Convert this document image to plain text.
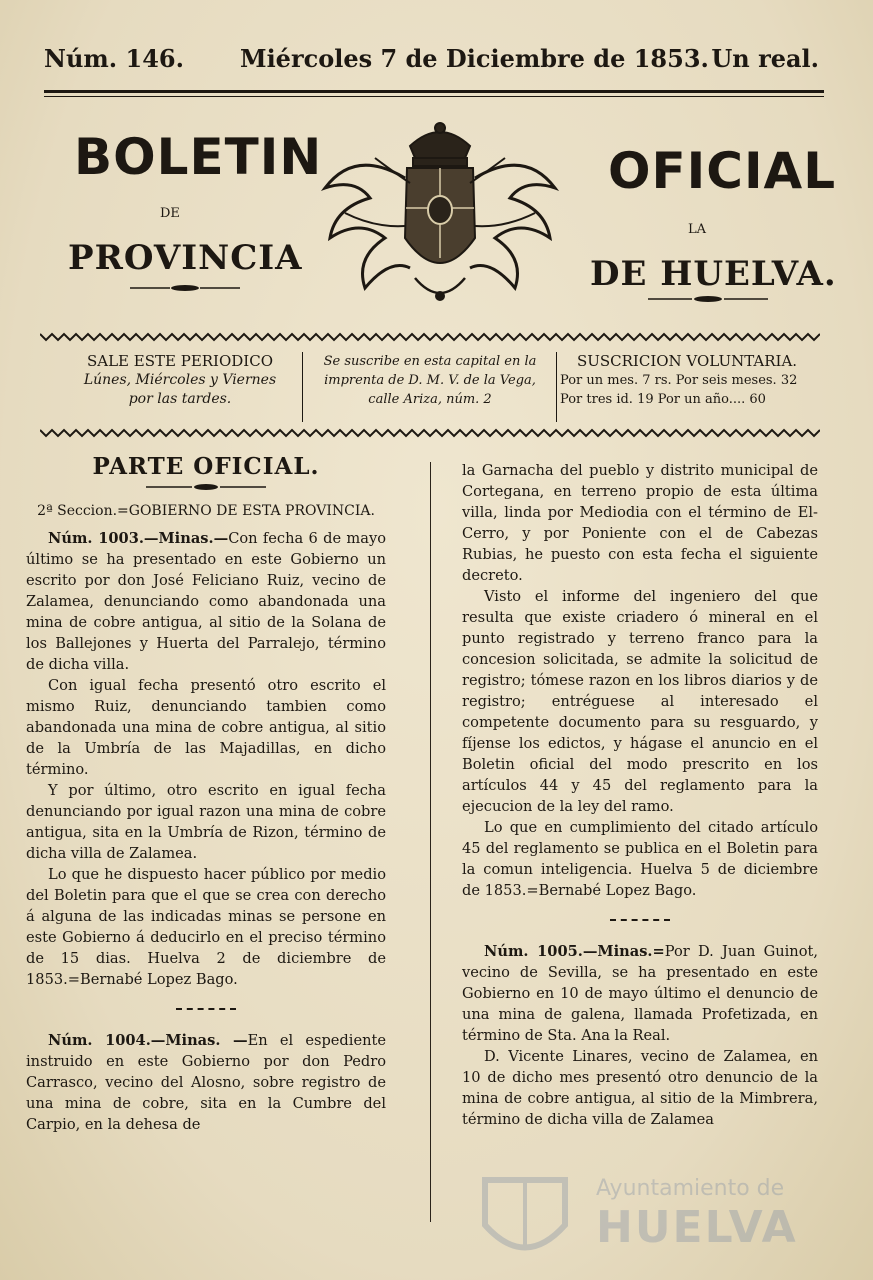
Núm. 146. Miércoles 7 de Diciembre de 1853. Un real.
BOLETIN
DE
PROVINCIA
OFICIAL
LA
DE HUELVA.
SALE ESTE PERIODICO
Lúnes, Miércoles y Viernes
por las tardes.
Se suscribe en esta capital en la
imprenta de D. M. V. de la Vega,
calle Ariza, núm. 2
SUSCRICION VOLUNTARIA.
Por un mes. 7 rs. Por seis meses. 32
Por tres id. 19 Por un año.... 60
PARTE OFICIAL.

2ª Seccion.=GOBIERNO DE ESTA PROVINCIA.

Núm. 1003.—Minas.—Con fecha 6 de mayo último se ha presentado en este Gobierno un escrito por don José Feliciano Ruiz, vecino de Zalamea, denunciando como abandonada una mina de cobre antigua, al sitio de la Solana de los Ballejones y Huerta del Parralejo, término de dicha villa.

Con igual fecha presentó otro escrito el mismo Ruiz, denunciando tambien como abandonada una mina de cobre antigua, al sitio de la Umbría de las Majadillas, en dicho término.

Y por último, otro escrito en igual fecha denunciando por igual razon una mina de cobre antigua, sita en la Umbría de Rizon, término de dicha villa de Zalamea.

Lo que he dispuesto hacer público por medio del Boletin para que el que se crea con derecho á alguna de las indicadas minas se persone en este Gobierno á deducirlo en el preciso término de 15 dias. Huelva 2 de diciembre de 1853.=Bernabé Lopez Bago.

Núm. 1004.—Minas. —En el espediente instruido en este Gobierno por don Pedro Carrasco, vecino del Alosno, sobre registro de una mina de cobre, sita en la Cumbre del Carpio, en la dehesa de

la Garnacha del pueblo y distrito municipal de Cortegana, en terreno propio de esta última villa, linda por Mediodia con el término de El-Cerro, y por Poniente con el de Cabezas Rubias, he puesto con esta fecha el siguiente decreto.

Visto el informe del ingeniero del que resulta que existe criadero ó mineral en el punto registrado y terreno franco para la concesion solicitada, se admite la solicitud de registro; tómese razon en los libros diarios y de registro; entréguese al interesado el competente documento para su resguardo, y fíjense los edictos, y hágase el anuncio en el Boletin oficial del modo prescrito en los artículos 44 y 45 del reglamento para la ejecucion de la ley del ramo.

Lo que en cumplimiento del citado artículo 45 del reglamento se publica en el Boletin para la comun inteligencia. Huelva 5 de diciembre de 1853.=Bernabé Lopez Bago.

Núm. 1005.—Minas.=Por D. Juan Guinot, vecino de Sevilla, se ha presentado en este Gobierno en 10 de mayo último el denuncio de una mina de galena, llamada Profetizada, en término de Sta. Ana la Real.

D. Vicente Linares, vecino de Zalamea, en 10 de dicho mes presentó otro denuncio de la mina de cobre antigua, al sitio de la Mimbrera, término de dicha villa de Zalamea

Ayuntamiento de
HUELVA
